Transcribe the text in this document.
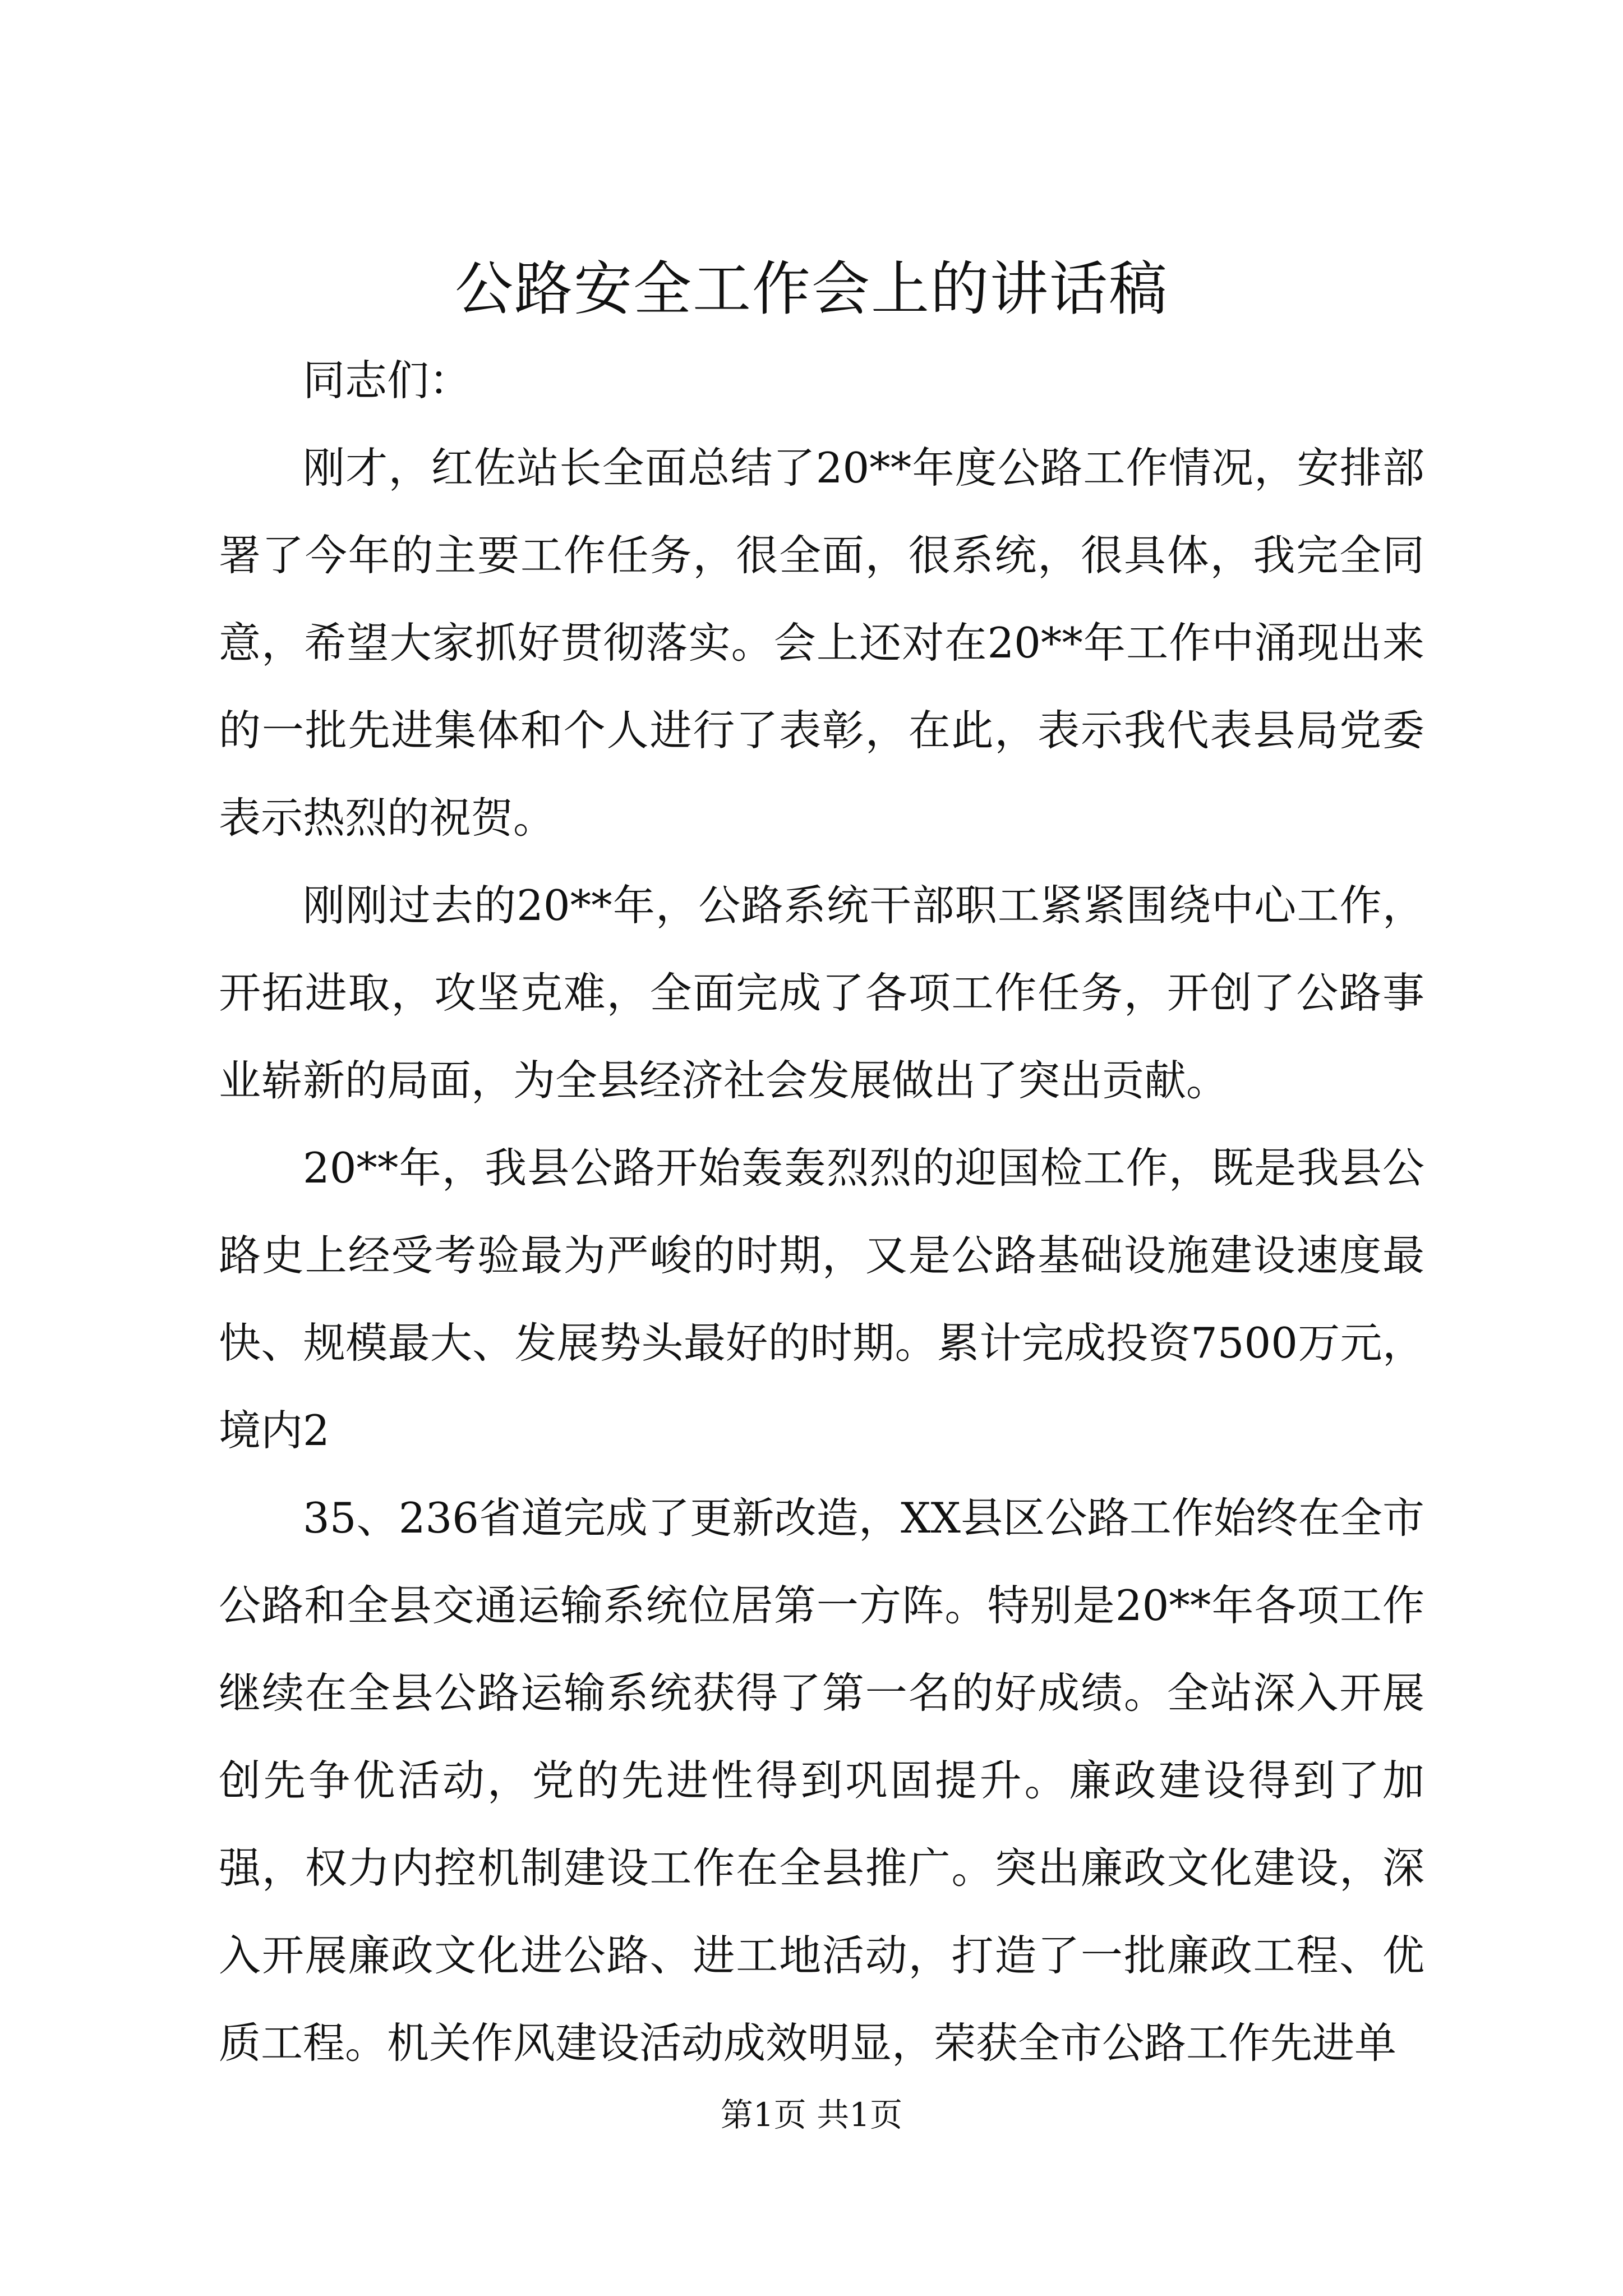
公路安全工作会上的讲话稿

同志们：

刚才，红佐站长全面总结了20**年度公路工作情况，安排部署了今年的主要工作任务，很全面，很系统，很具体，我完全同意，希望大家抓好贯彻落实。会上还对在20**年工作中涌现出来的一批先进集体和个人进行了表彰，在此，表示我代表县局党委表示热烈的祝贺。

刚刚过去的20**年，公路系统干部职工紧紧围绕中心工作，开拓进取，攻坚克难，全面完成了各项工作任务，开创了公路事业崭新的局面，为全县经济社会发展做出了突出贡献。

20**年，我县公路开始轰轰烈烈的迎国检工作，既是我县公路史上经受考验最为严峻的时期，又是公路基础设施建设速度最快、规模最大、发展势头最好的时期。累计完成投资7500万元，境内2

35、236省道完成了更新改造，XX县区公路工作始终在全市公路和全县交通运输系统位居第一方阵。特别是20**年各项工作继续在全县公路运输系统获得了第一名的好成绩。全站深入开展创先争优活动，党的先进性得到巩固提升。廉政建设得到了加强，权力内控机制建设工作在全县推广。突出廉政文化建设，深入开展廉政文化进公路、进工地活动，打造了一批廉政工程、优质工程。机关作风建设活动成效明显，荣获全市公路工作先进单

第1页 共1页
